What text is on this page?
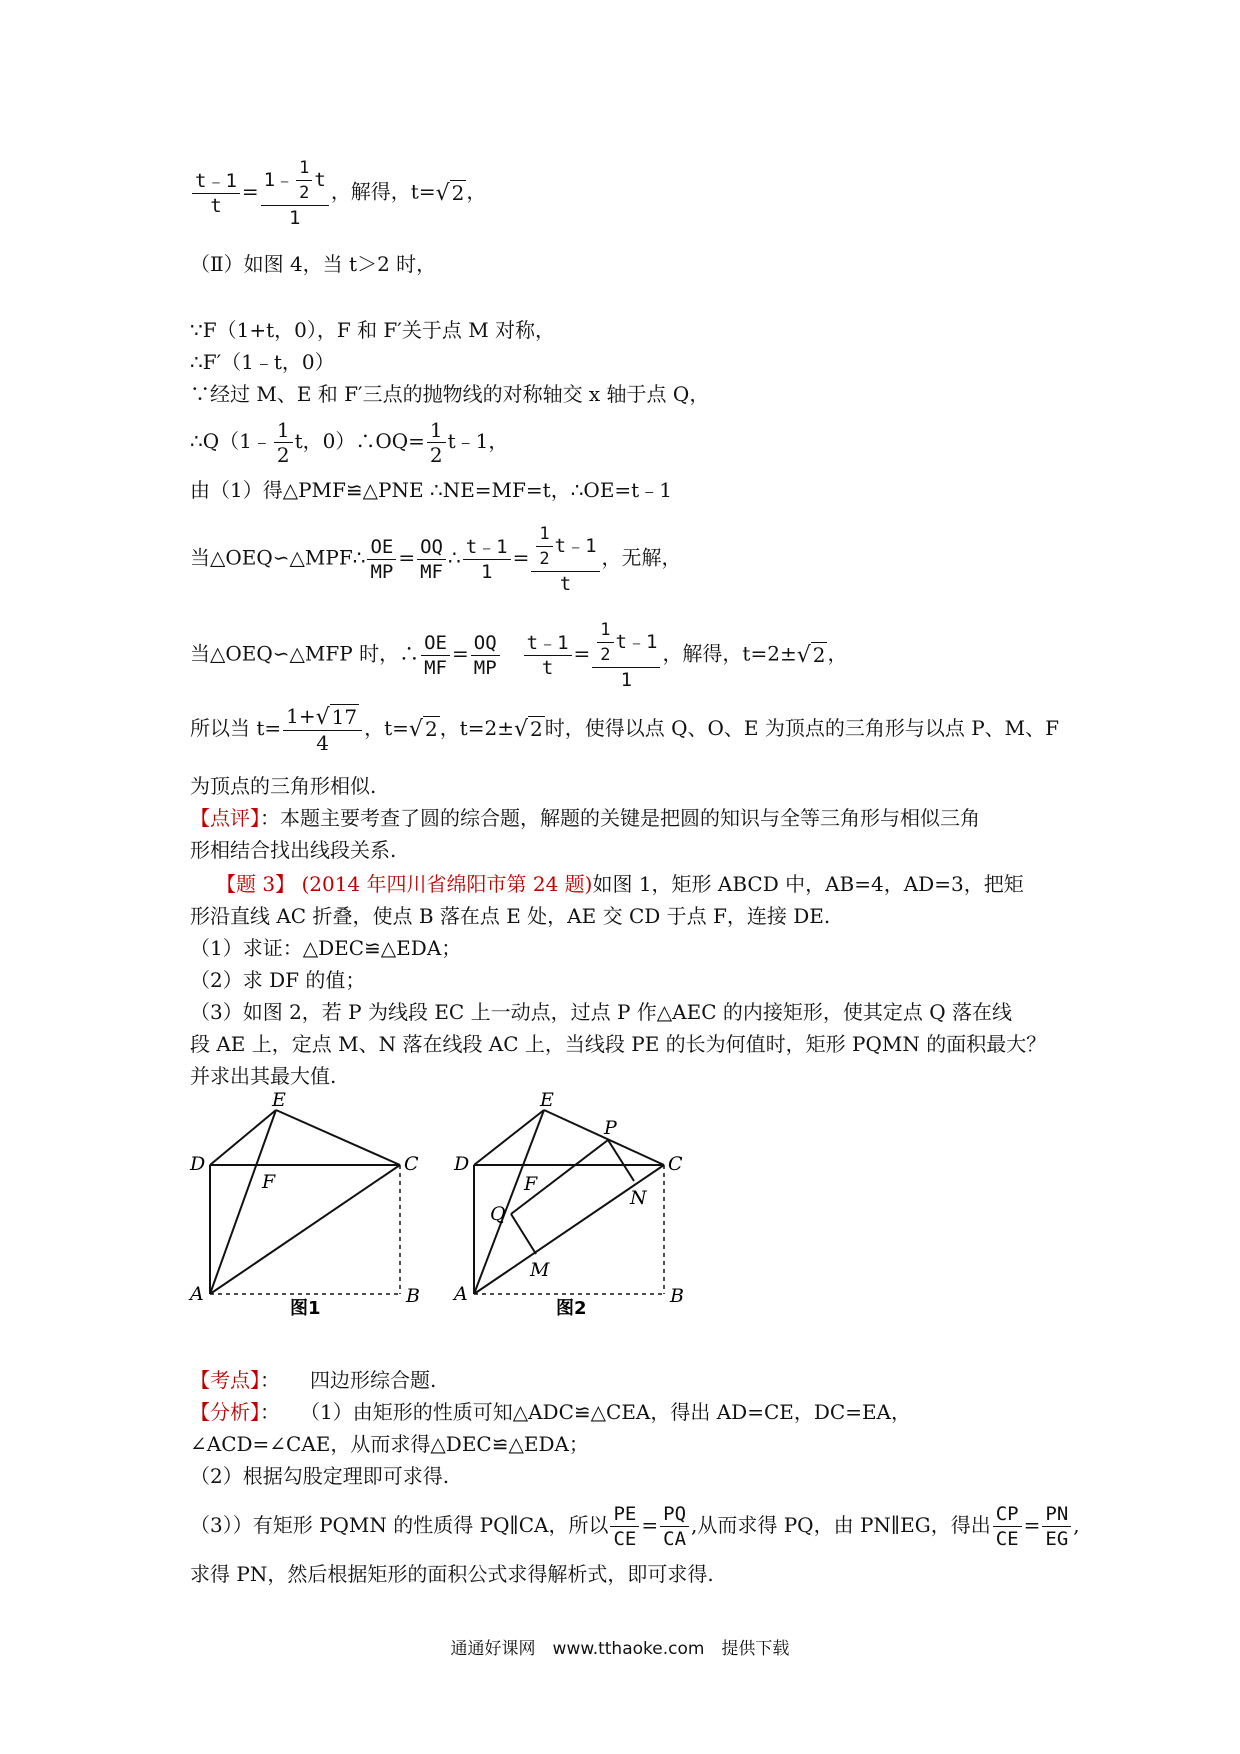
$\frac{t﹣1}{t} = \frac{1﹣ \frac{1}{2} t}{1}$ ，解得，t=√ 2 ，
（Ⅱ）如图 4，当 t＞2 时，
∵F（1+t，0），F 和 F′关于点 M 对称，
∴F′（1﹣t，0）
∵经过 M、E 和 F′三点的抛物线的对称轴交 x 轴于点 Q，
∴Q（1﹣ $\frac{1}{2}$ t，0）∴OQ= $\frac{1}{2}$ t﹣1，
由（1）得△PMF≌△PNE ∴NE=MF=t，∴OE=t﹣1
当△OEQ∽△MPF∴ $\frac{OE}{MP} = \frac{OQ}{MF}$ ∴ $\frac{t﹣1}{1} = \frac{\frac{1}{2} t﹣1}{t}$ ，无解，
当△OEQ∽△MFP 时，∴ $\frac{OE}{MF} = \frac{OQ}{MP}$
　 $\frac{t﹣1}{t} = \frac{\frac{1}{2} t﹣1}{1}$ ，解得，t=2±√ 2 ，
所以当 $t= \frac{1+√ 17}{4}$ ，t=√ 2 ，t=2±√ 2 时，使得以点 Q、O、E 为顶点的三角形与以点 P、M、F
为顶点的三角形相似.
【点评】：本题主要考查了圆的综合题，解题的关键是把圆的知识与全等三角形与相似三角
形相结合找出线段关系.
【题 3】 (2014 年四川省绵阳市第 24 题)如图 1，矩形 ABCD 中，AB=4，AD=3，把矩
形沿直线 AC 折叠，使点 B 落在点 E 处，AE 交 CD 于点 F，连接 DE.
（1）求证：△DEC≌△EDA；
（2）求 DF 的值；
（3）如图 2，若 P 为线段 EC 上一动点，过点 P 作△AEC 的内接矩形，使其定点 Q 落在线
段 AE 上，定点 M、N 落在线段 AC 上，当线段 PE 的长为何值时，矩形 PQMN 的面积最大？
并求出其最大值.
E
D
F
C
A	B
图1
E
P
D
F
C
Q
N
M
A	B
图2
【考点】：　　四边形综合题.
【分析】：　　（1）由矩形的性质可知△ADC≌△CEA，得出 AD=CE，DC=EA，
∠ACD=∠CAE，从而求得△DEC≌△EDA；
（2）根据勾股定理即可求得.
（3））有矩形 PQMN 的性质得 PQ∥CA，所以 $\frac{PE}{CE} = \frac{PQ}{CA}$ ,从而求得 PQ，由 PN∥EG，得出 $\frac{CP}{CE} = \frac{PN}{EG}$ ,
求得 PN，然后根据矩形的面积公式求得解析式，即可求得.
通通好课网　www.tthaoke.com　提供下载
